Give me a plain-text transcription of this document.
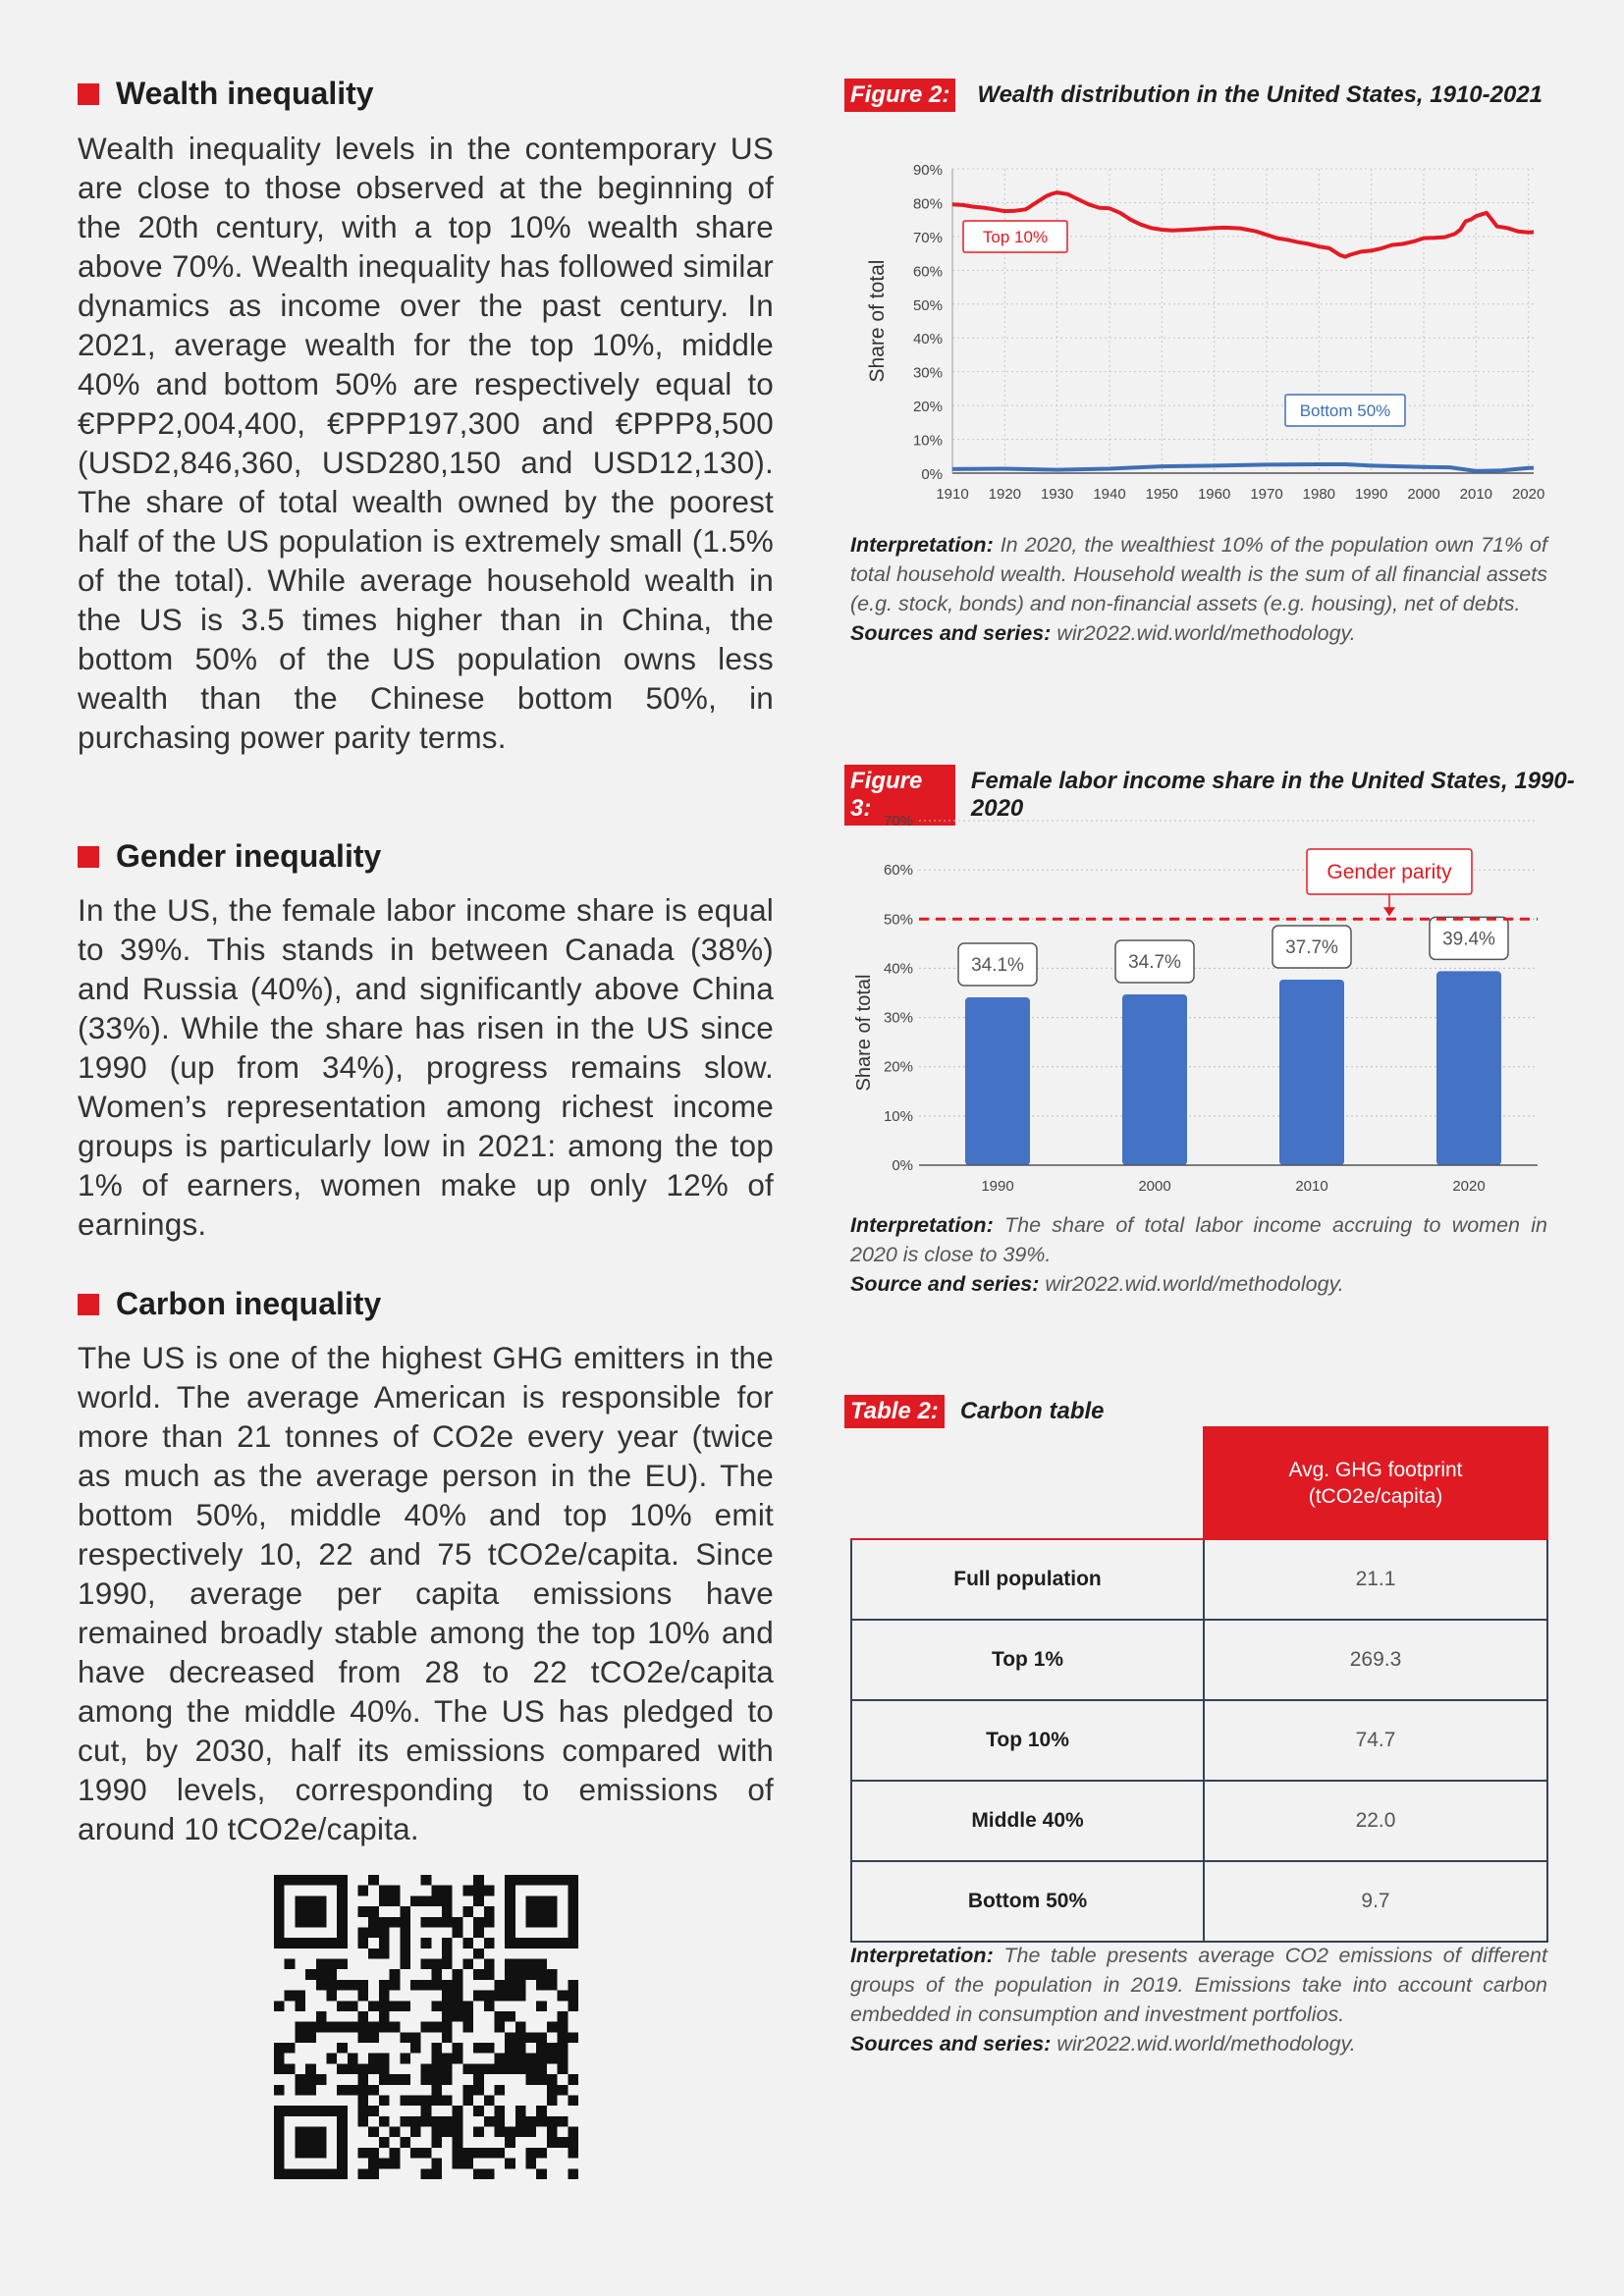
Wealth inequality

Wealth inequality levels in the contemporary US are close to those observed at the beginning of the 20th century, with a top 10% wealth share above 70%. Wealth inequality has followed similar dynamics as income over the past century. In 2021, average wealth for the top 10%, middle 40% and bottom 50% are respectively equal to €PPP2,004,400, €PPP197,300 and €PPP8,500 (USD2,846,360, USD280,150 and USD12,130). The share of total wealth owned by the poorest half of the US population is extremely small (1.5% of the total). While average household wealth in the US is 3.5 times higher than in China, the bottom 50% of the US population owns less wealth than the Chinese bottom 50%, in purchasing power parity terms.

Gender inequality

In the US, the female labor income share is equal to 39%. This stands in between Canada (38%) and Russia (40%), and significantly above China (33%). While the share has risen in the US since 1990 (up from 34%), progress remains slow. Women’s representation among richest income groups is particularly low in 2021: among the top 1% of earners, women make up only 12% of earnings.

Carbon inequality

The US is one of the highest GHG emitters in the world. The average American is responsible for more than 21 tonnes of CO2e every year (twice as much as the average person in the EU). The bottom 50%, middle 40% and top 10% emit respectively 10, 22 and 75 tCO2e/capita. Since 1990, average per capita emissions have remained broadly stable among the top 10% and have decreased from 28 to 22 tCO2e/capita among the middle 40%. The US has pledged to cut, by 2030, half its emissions compared with 1990 levels, corresponding to emissions of around 10 tCO2e/capita.

Figure 2: Wealth distribution in the United States, 1910-2021
Share of total
0%
10%
20%
30%
40%
50%
60%
70%
80%
90%
1910 1920 1930 1940 1950 1960 1970 1980 1990 2000 2010 2020
Top 10%
Bottom 50%

Interpretation: In 2020, the wealthiest 10% of the population own 71% of total household wealth. Household wealth is the sum of all financial assets (e.g. stock, bonds) and non-financial assets (e.g. housing), net of debts.
Sources and series: wir2022.wid.world/methodology.

Figure 3:
Female labor income share in the United States, 1990-2020
Share of total
0%
10%
20%
30%
40%
50%
60%
70%
1990
34.1%
2000
34.7%
2010
37.7%
2020
39.4%
Gender parity

Interpretation: The share of total labor income accruing to women in 2020 is close to 39%.
Source and series: wir2022.wid.world/methodology.

Table 2: Carbon table
	Avg. GHG footprint
(tCO2e/capita)
Full population	21.1
Top 1%	269.3
Top 10%	74.7
Middle 40%	22.0
Bottom 50%	9.7

Interpretation: The table presents average CO2 emissions of different groups of the population in 2019. Emissions take into account carbon embedded in consumption and investment portfolios.
Sources and series: wir2022.wid.world/methodology.
